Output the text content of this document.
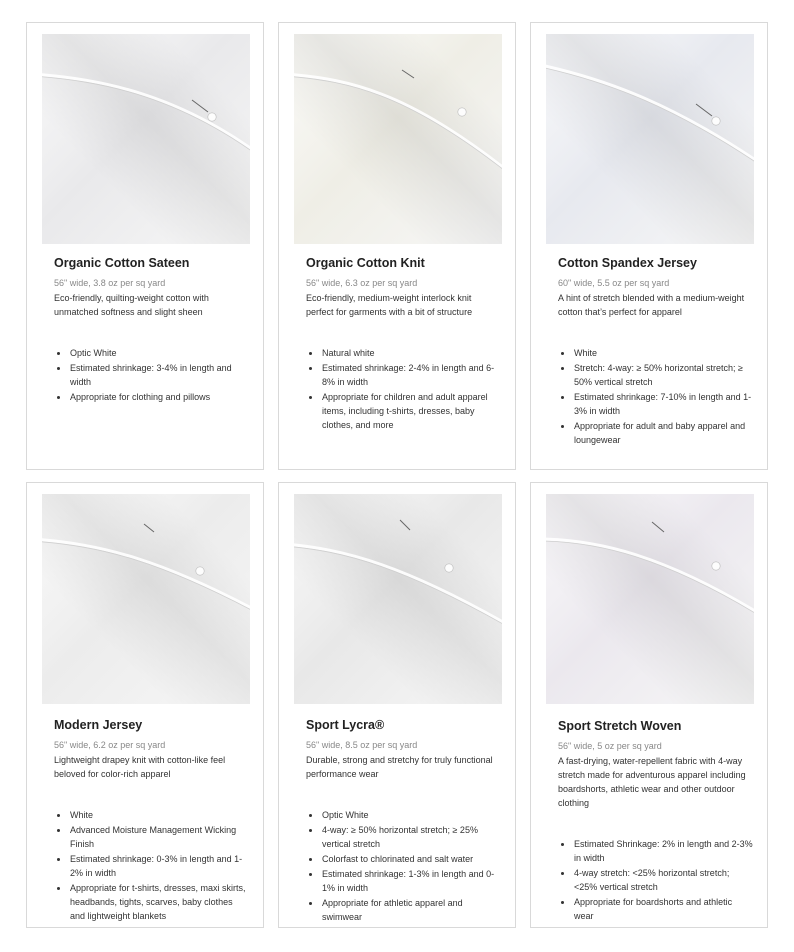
Organic Cotton Sateen
56" wide, 3.8 oz per sq yard
Eco-friendly, quilting-weight cotton with unmatched softness and slight sheen
Optic White
Estimated shrinkage: 3-4% in length and width
Appropriate for clothing and pillows
Organic Cotton Knit
56" wide, 6.3 oz per sq yard
Eco-friendly, medium-weight interlock knit perfect for garments with a bit of structure
Natural white
Estimated shrinkage: 2-4% in length and 6-8% in width
Appropriate for children and adult apparel items, including t-shirts, dresses, baby clothes, and more
Cotton Spandex Jersey
60" wide, 5.5 oz per sq yard
A hint of stretch blended with a medium-weight cotton that’s perfect for apparel
White
Stretch: 4-way: ≥ 50% horizontal stretch; ≥ 50% vertical stretch
Estimated shrinkage: 7-10% in length and 1-3% in width
Appropriate for adult and baby apparel and loungewear
Modern Jersey
56" wide, 6.2 oz per sq yard
Lightweight drapey knit with cotton-like feel beloved for color-rich apparel
White
Advanced Moisture Management Wicking Finish
Estimated shrinkage: 0-3% in length and 1-2% in width
Appropriate for t-shirts, dresses, maxi skirts, headbands, tights, scarves, baby clothes and lightweight blankets
Sport Lycra®
56" wide, 8.5 oz per sq yard
Durable, strong and stretchy for truly functional performance wear
Optic White
4-way: ≥ 50% horizontal stretch; ≥ 25% vertical stretch
Colorfast to chlorinated and salt water
Estimated shrinkage: 1-3% in length and 0-1% in width
Appropriate for athletic apparel and swimwear
Sport Stretch Woven
56" wide, 5 oz per sq yard
A fast-drying, water-repellent fabric with 4-way stretch made for adventurous apparel including boardshorts, athletic wear and other outdoor clothing
Estimated Shrinkage: 2% in length and 2-3% in width
4-way stretch: <25% horizontal stretch; <25% vertical stretch
Appropriate for boardshorts and athletic wear
